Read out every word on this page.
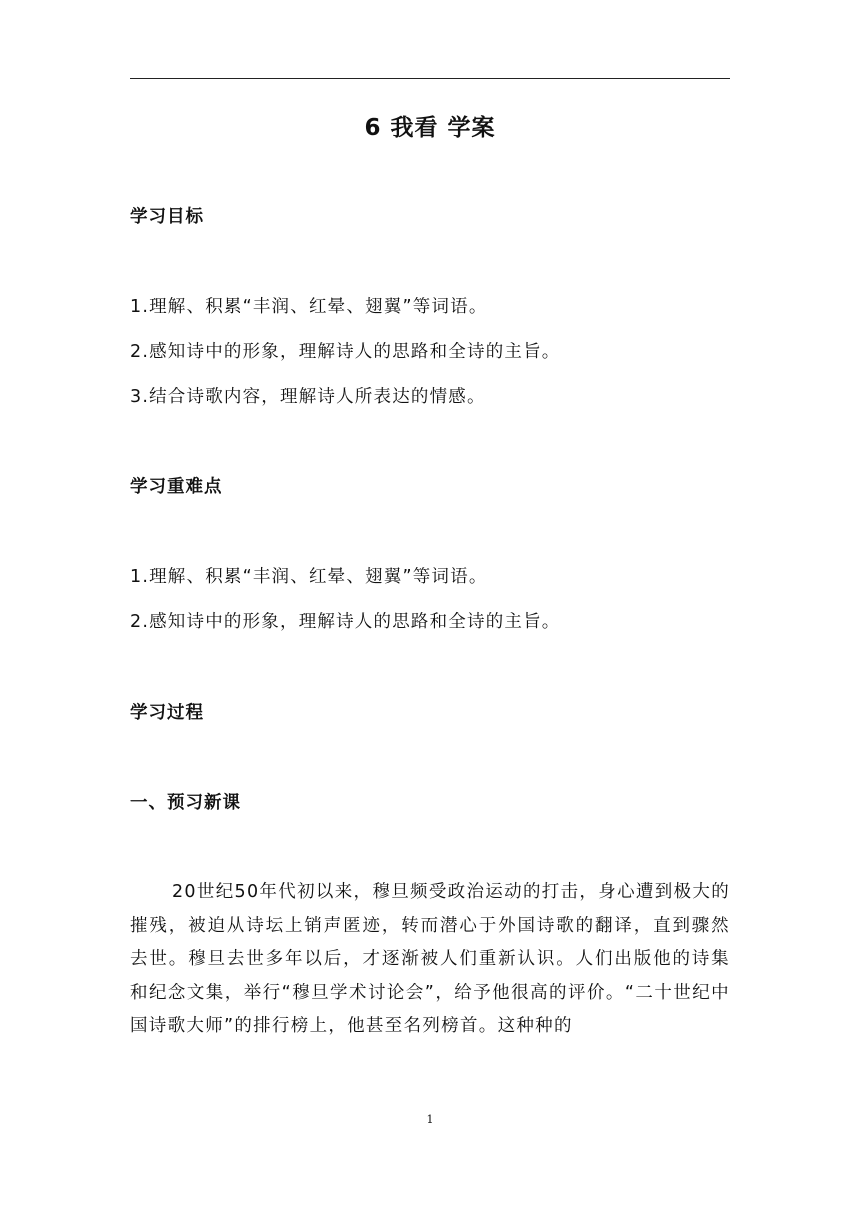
6 我看 学案
学习目标
1.理解、积累“丰润、红晕、翅翼”等词语。
2.感知诗中的形象，理解诗人的思路和全诗的主旨。
3.结合诗歌内容，理解诗人所表达的情感。
学习重难点
1.理解、积累“丰润、红晕、翅翼”等词语。
2.感知诗中的形象，理解诗人的思路和全诗的主旨。
学习过程
一、预习新课

20世纪50年代初以来，穆旦频受政治运动的打击，身心遭到极大的摧残，被迫从诗坛上销声匿迹，转而潜心于外国诗歌的翻译，直到骤然去世。穆旦去世多年以后，才逐渐被人们重新认识。人们出版他的诗集和纪念文集，举行“穆旦学术讨论会”，给予他很高的评价。“二十世纪中国诗歌大师”的排行榜上，他甚至名列榜首。这种种的

1
